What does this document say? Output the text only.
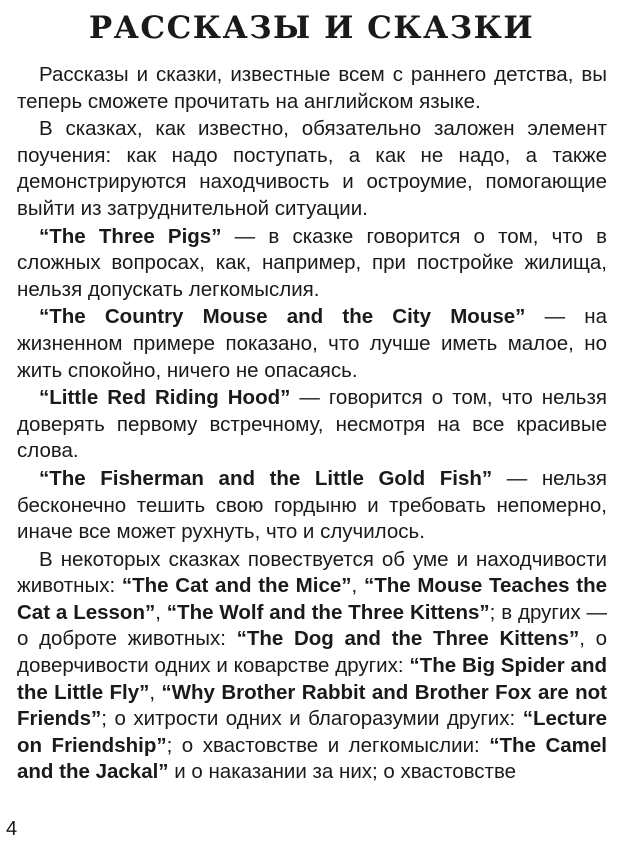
РАССКАЗЫ И СКАЗКИ

Рассказы и сказки, известные всем с раннего детства, вы теперь сможете прочитать на английском языке.

В сказках, как известно, обязательно заложен элемент поучения: как надо поступать, а как не надо, а также демонстрируются находчивость и остроумие, помогающие выйти из затруднительной ситуации.

“The Three Pigs” — в сказке говорится о том, что в сложных вопросах, как, например, при постройке жилища, нельзя допускать легкомыслия.

“The Country Mouse and the City Mouse” — на жизненном примере показано, что лучше иметь малое, но жить спокойно, ничего не опасаясь.

“Little Red Riding Hood” — говорится о том, что нельзя доверять первому встречному, несмотря на все красивые слова.

“The Fisherman and the Little Gold Fish” — нельзя бесконечно тешить свою гордыню и требовать непомерно, иначе все может рухнуть, что и случилось.

В некоторых сказках повествуется об уме и находчивости животных: “The Cat and the Mice”, “The Mouse Teaches the Cat a Lesson”, “The Wolf and the Three Kittens”; в других — о доброте животных: “The Dog and the Three Kittens”, о доверчивости одних и коварстве других: “The Big Spider and the Little Fly”, “Why Brother Rabbit and Brother Fox are not Friends”; о хитрости одних и благоразумии других: “Lecture on Friendship”; о хвастовстве и легкомыслии: “The Camel and the Jackal” и о наказании за них; о хвастовстве

4
